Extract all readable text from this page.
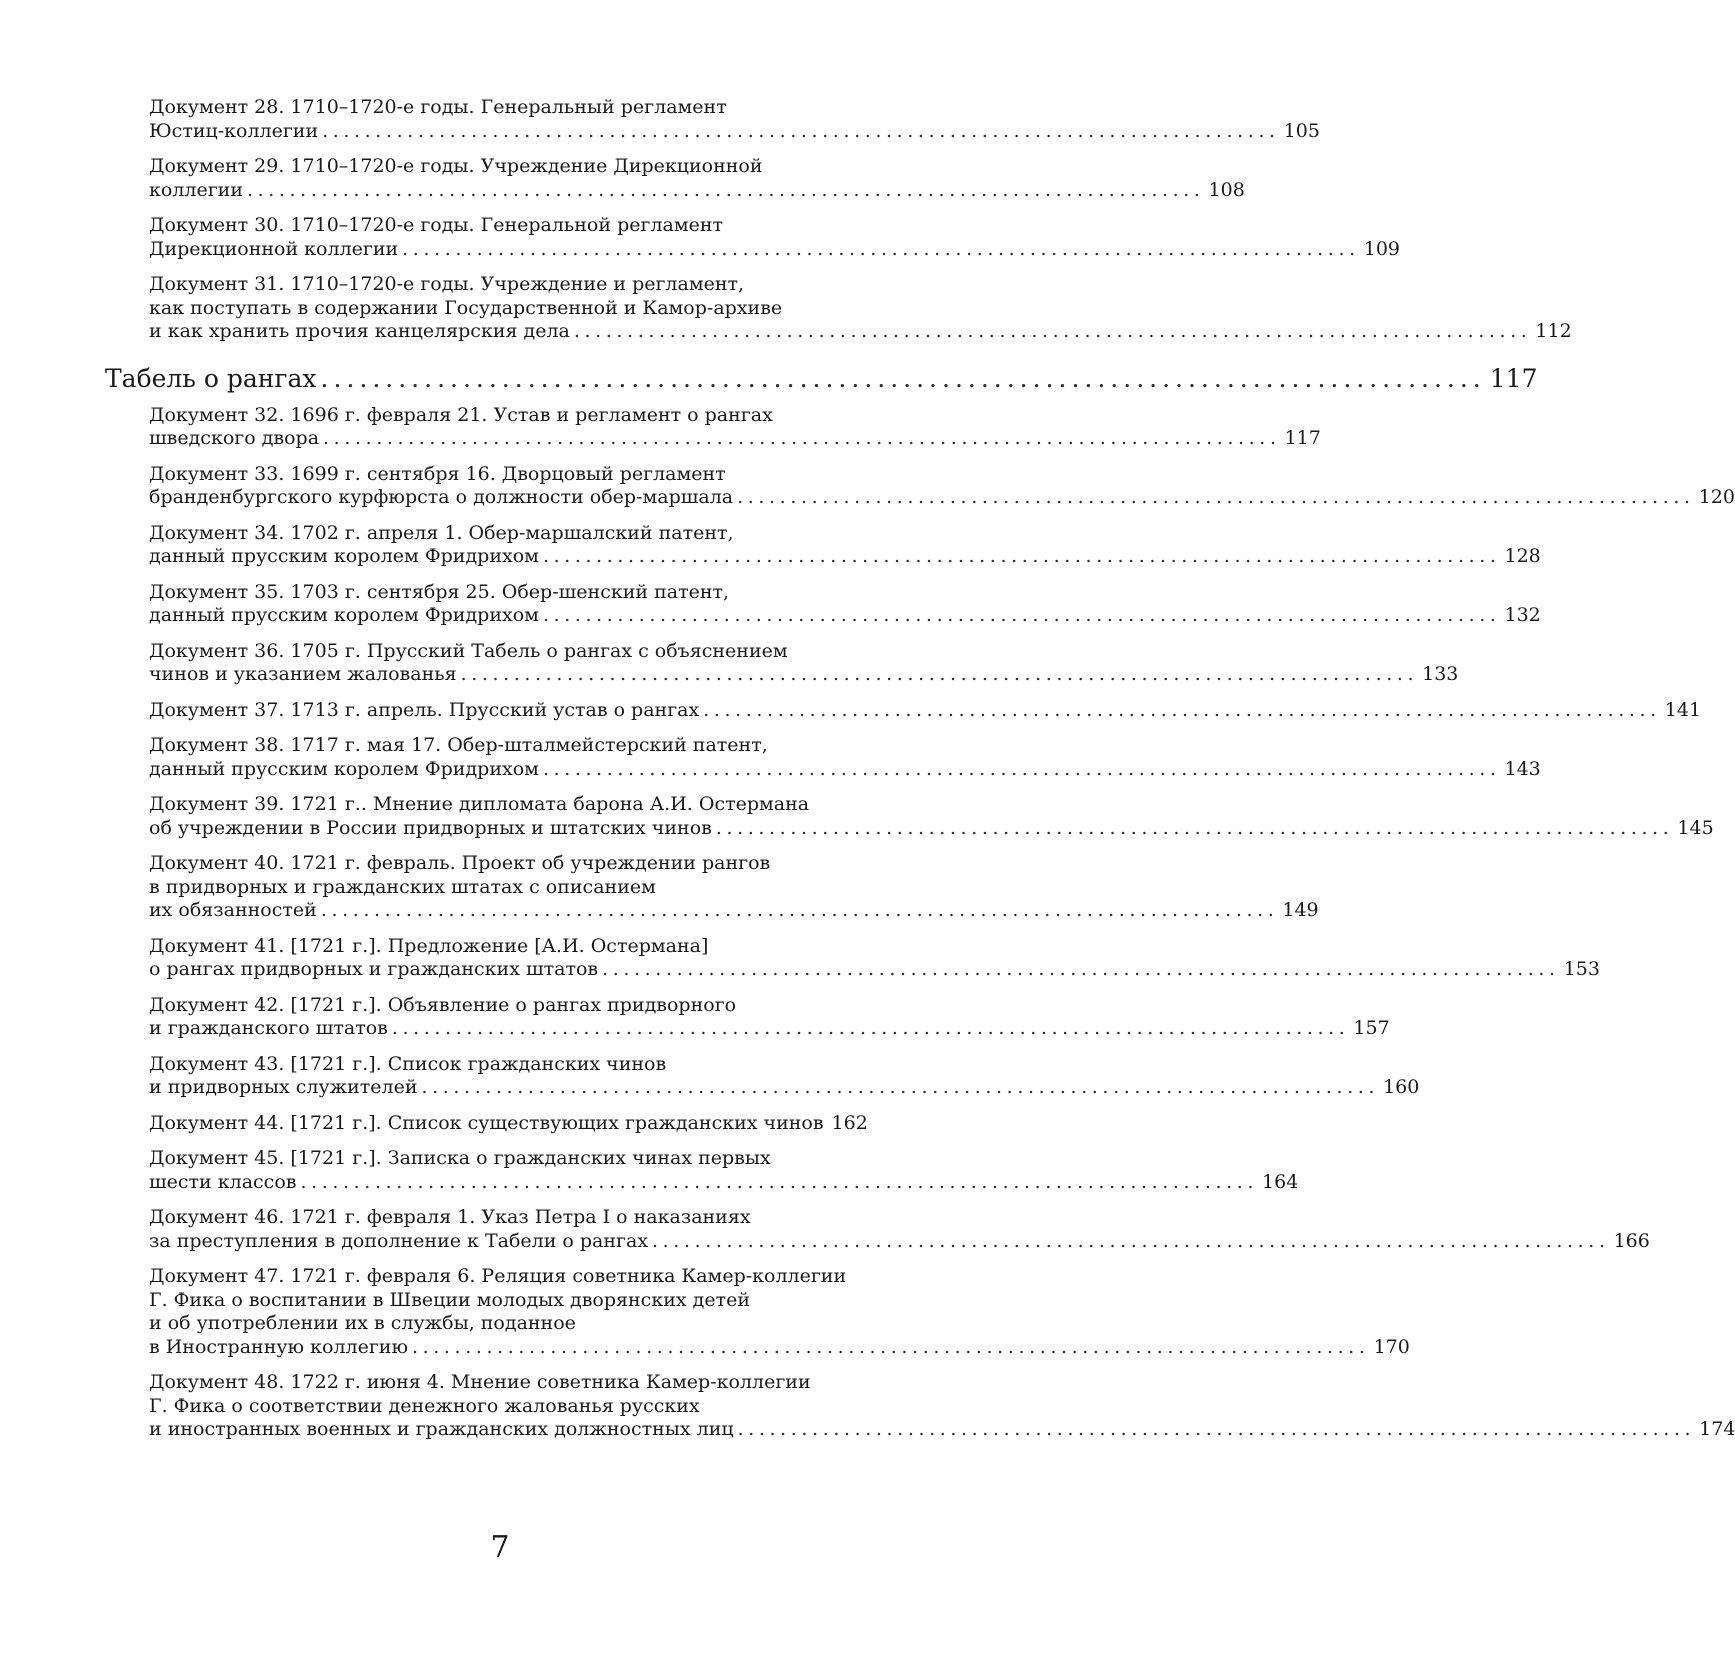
Документ 28. 1710–1720-е годы. Генеральный регламент
Юстиц-коллегии .......................................................................................... 105
Документ 29. 1710–1720-е годы. Учреждение Дирекционной
коллегии .......................................................................................... 108
Документ 30. 1710–1720-е годы. Генеральной регламент
Дирекционной коллегии .......................................................................................... 109
Документ 31. 1710–1720-е годы. Учреждение и регламент,
как поступать в содержании Государственной и Камор-архиве
и как хранить прочия канцелярския дела .......................................................................................... 112
Табель о рангах .......................................................................................... 117
Документ 32. 1696 г. февраля 21. Устав и регламент о рангах
шведского двора .......................................................................................... 117
Документ 33. 1699 г. сентября 16. Дворцовый регламент
бранденбургского курфюрста о должности обер-маршала .......................................................................................... 120
Документ 34. 1702 г. апреля 1. Обер-маршалский патент,
данный прусским королем Фридрихом .......................................................................................... 128
Документ 35. 1703 г. сентября 25. Обер-шенский патент,
данный прусским королем Фридрихом .......................................................................................... 132
Документ 36. 1705 г. Прусский Табель о рангах с объяснением
чинов и указанием жалованья .......................................................................................... 133
Документ 37. 1713 г. апрель. Прусский устав о рангах .......................................................................................... 141
Документ 38. 1717 г. мая 17. Обер-шталмейстерский патент,
данный прусским королем Фридрихом .......................................................................................... 143
Документ 39. 1721 г.. Мнение дипломата барона А.И. Остермана
об учреждении в России придворных и штатских чинов .......................................................................................... 145
Документ 40. 1721 г. февраль. Проект об учреждении рангов
в придворных и гражданских штатах с описанием
их обязанностей .......................................................................................... 149
Документ 41. [1721 г.]. Предложение [А.И. Остермана]
о рангах придворных и гражданских штатов .......................................................................................... 153
Документ 42. [1721 г.]. Объявление о рангах придворного
и гражданского штатов .......................................................................................... 157
Документ 43. [1721 г.]. Список гражданских чинов
и придворных служителей .......................................................................................... 160
Документ 44. [1721 г.]. Список существующих гражданских чинов 162
Документ 45. [1721 г.]. Записка о гражданских чинах первых
шести классов .......................................................................................... 164
Документ 46. 1721 г. февраля 1. Указ Петра I о наказаниях
за преступления в дополнение к Табели о рангах .......................................................................................... 166
Документ 47. 1721 г. февраля 6. Реляция советника Камер-коллегии
Г. Фика о воспитании в Швеции молодых дворянских детей
и об употреблении их в службы, поданное
в Иностранную коллегию .......................................................................................... 170
Документ 48. 1722 г. июня 4. Мнение советника Камер-коллегии
Г. Фика о соответствии денежного жалованья русских
и иностранных военных и гражданских должностных лиц .......................................................................................... 174
7
